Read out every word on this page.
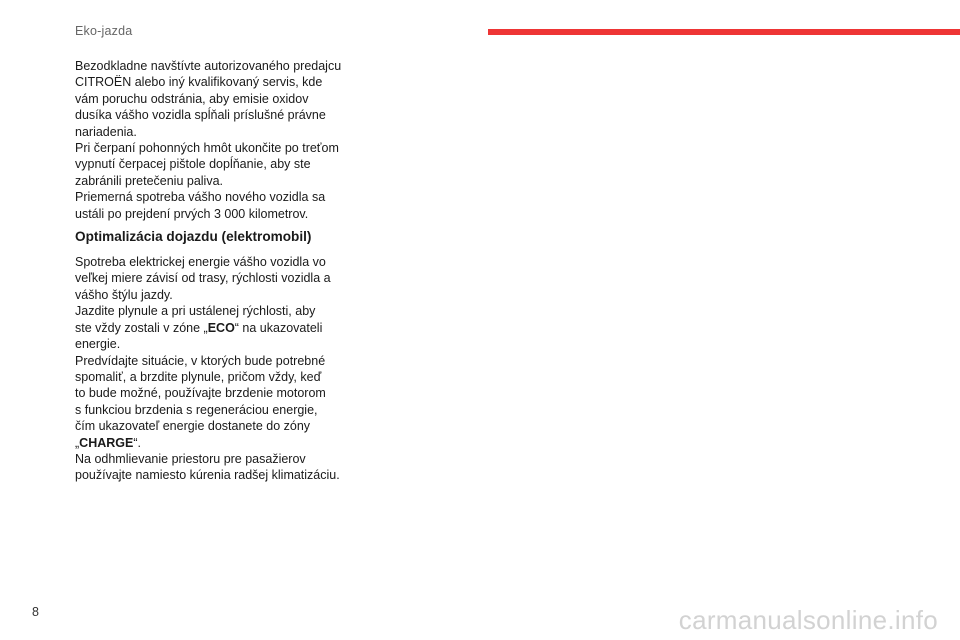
Eko-jazda

Bezodkladne navštívte autorizovaného predajcu

CITROËN alebo iný kvalifikovaný servis, kde

vám poruchu odstránia, aby emisie oxidov

dusíka vášho vozidla spĺňali príslušné právne

nariadenia.

Pri čerpaní pohonných hmôt ukončite po treťom

vypnutí čerpacej pištole dopĺňanie, aby ste

zabránili pretečeniu paliva.

Priemerná spotreba vášho nového vozidla sa

ustáli po prejdení prvých 3 000 kilometrov.

Optimalizácia dojazdu (elektromobil)

Spotreba elektrickej energie vášho vozidla vo

veľkej miere závisí od trasy, rýchlosti vozidla a

vášho štýlu jazdy.

Jazdite plynule a pri ustálenej rýchlosti, aby

ste vždy zostali v zóne „ECO“ na ukazovateli

energie.

Predvídajte situácie, v ktorých bude potrebné

spomaliť, a brzdite plynule, pričom vždy, keď

to bude možné, používajte brzdenie motorom

s funkciou brzdenia s regeneráciou energie,

čím ukazovateľ energie dostanete do zóny

„CHARGE“.

Na odhmlievanie priestoru pre pasažierov

používajte namiesto kúrenia radšej klimatizáciu.

8	carmanualsonline.info
